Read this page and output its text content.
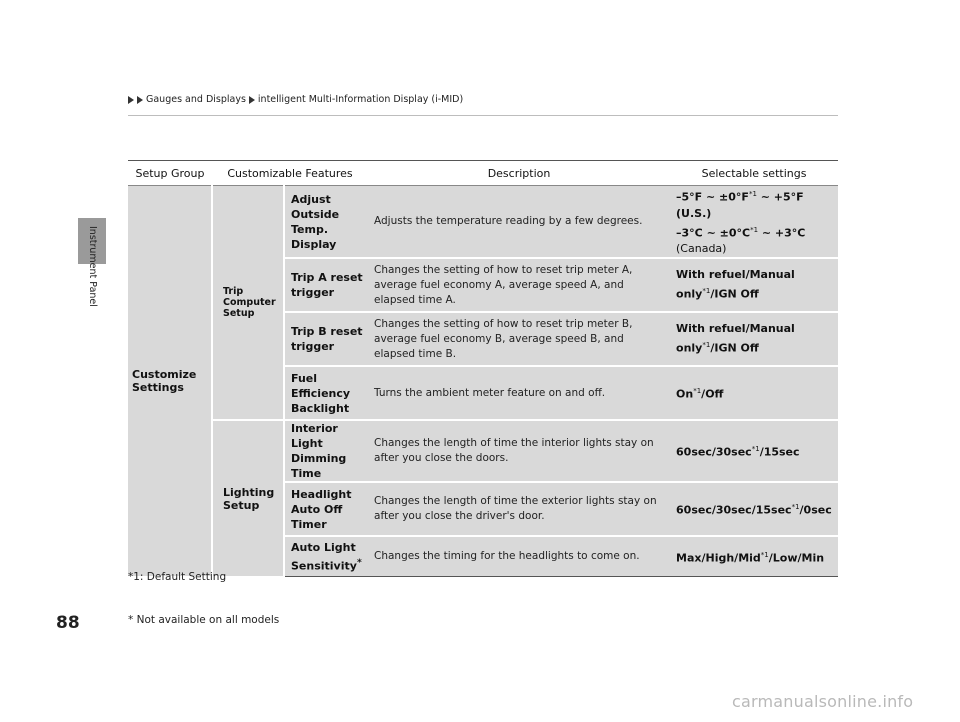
Gauges and Displays intelligent Multi-Information Display (i-MID)
Instrument Panel
Setup Group	Customizable Features		Description	Selectable settings
Customize Settings	Trip Computer Setup	Adjust Outside Temp. Display	Adjusts the temperature reading by a few degrees.	–5°F ~ $\pm 0^\circ F^{*1}$ ~ +5°F (U.S.)
–3°C ~ $\pm 0^\circ C^{*1}$ ~ +3°C
(Canada)

		Trip A reset trigger	Changes the setting of how to reset trip meter A, average fuel economy A, average speed A, and elapsed time A.	With refuel/Manual
only$^{*1}$/IGN Off

		Trip B reset trigger	Changes the setting of how to reset trip meter B, average fuel economy B, average speed B, and elapsed time B.	With refuel/Manual
only$^{*1}$/IGN Off

		Fuel Efficiency Backlight	Turns the ambient meter feature on and off.	On$^{*1}$/Off

	Lighting Setup	Interior Light Dimming Time	Changes the length of time the interior lights stay on after you close the doors.	$60\sec/30\sec^{*1}/15\sec$

		Headlight Auto Off Timer	Changes the length of time the exterior lights stay on after you close the driver's door.	$60\sec/30\sec/15\sec^{*1}/0\sec$

		Auto Light Sensitivity*	Changes the timing for the headlights to come on.	Max/High/Mid$^{*1}$/Low/Min
*1: Default Setting
88	* Not available on all models
carmanualsonline.info
